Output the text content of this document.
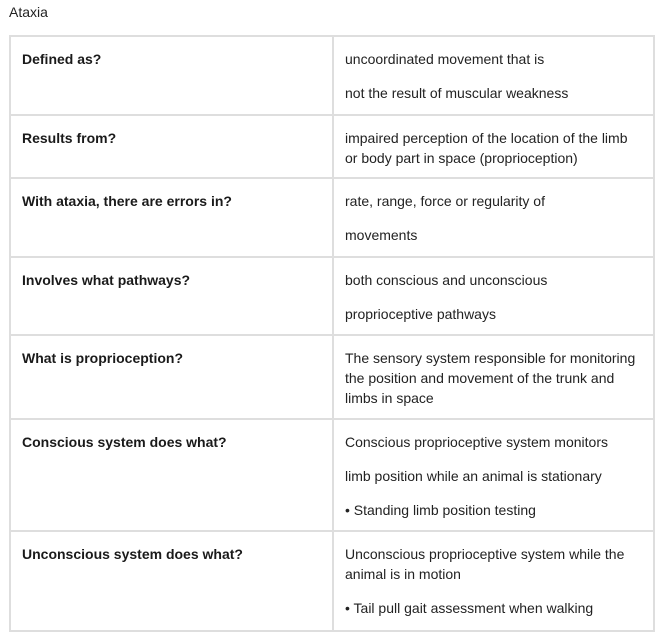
Ataxia
Defined as?	uncoordinated movement that is

not the result of muscular weakness

Results from?	impaired perception of the location of the limb or body part in space (proprioception)

With ataxia, there are errors in?	rate, range, force or regularity of

movements

Involves what pathways?	both conscious and unconscious

proprioceptive pathways

What is proprioception?	The sensory system responsible for monitoring the position and movement of the trunk and limbs in space

Conscious system does what?	Conscious proprioceptive system monitors

limb position while an animal is stationary

• Standing limb position testing

Unconscious system does what?	Unconscious proprioceptive system while the animal is in motion

• Tail pull gait assessment when walking
